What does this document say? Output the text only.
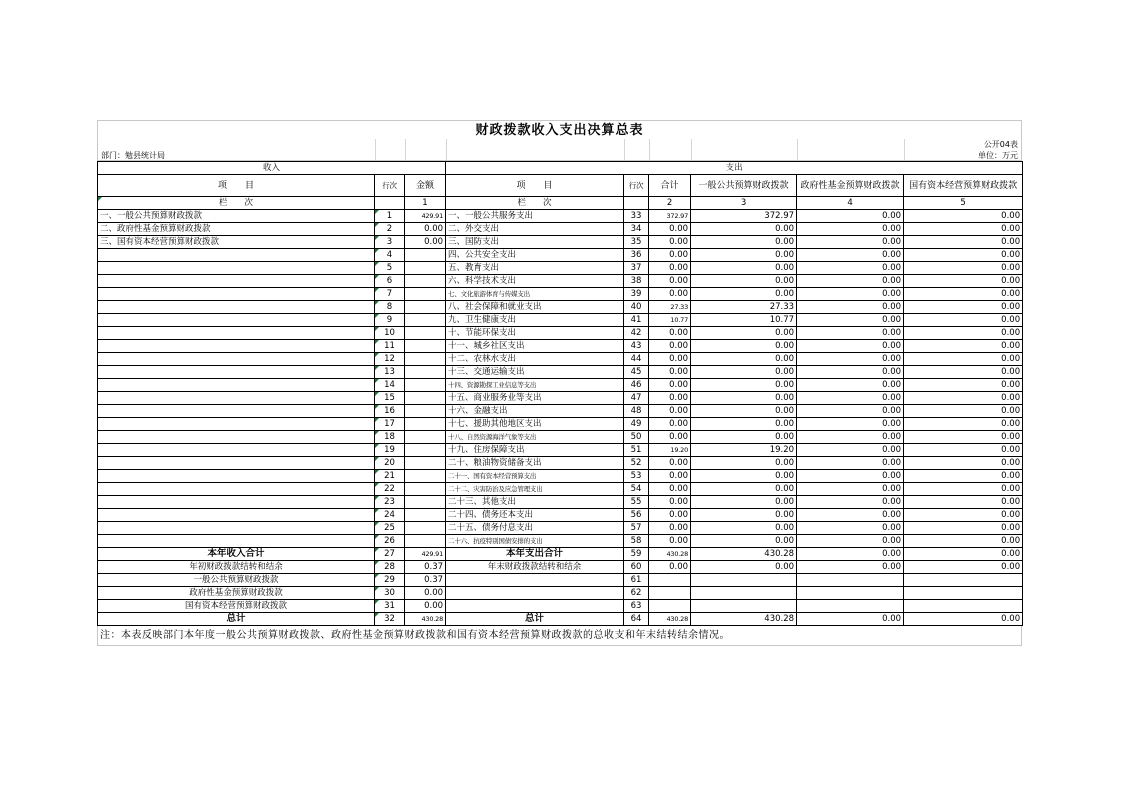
财政拨款收入支出决算总表
公开04表
部门：勉县统计局	单位：万元
收入			支出					
项　　目	行次	金额	项　　目	行次	合计	一般公共预算财政拨款	政府性基金预算财政拨款	国有资本经营预算财政拨款
栏　　次		1	栏　　次		2	3	4	5
一、一般公共预算财政拨款	1	429.91	一、一般公共服务支出	33	372.97	372.97	0.00	0.00
二、政府性基金预算财政拨款	2	0.00	二、外交支出	34	0.00	0.00	0.00	0.00
三、国有资本经营预算财政拨款	3	0.00	三、国防支出	35	0.00	0.00	0.00	0.00
	4		四、公共安全支出	36	0.00	0.00	0.00	0.00
	5		五、教育支出	37	0.00	0.00	0.00	0.00
	6		六、科学技术支出	38	0.00	0.00	0.00	0.00
	7		七、文化旅游体育与传媒支出	39	0.00	0.00	0.00	0.00
	8		八、社会保障和就业支出	40	27.33	27.33	0.00	0.00
	9		九、卫生健康支出	41	10.77	10.77	0.00	0.00
	10		十、节能环保支出	42	0.00	0.00	0.00	0.00
	11		十一、城乡社区支出	43	0.00	0.00	0.00	0.00
	12		十二、农林水支出	44	0.00	0.00	0.00	0.00
	13		十三、交通运输支出	45	0.00	0.00	0.00	0.00
	14		十四、资源勘探工业信息等支出	46	0.00	0.00	0.00	0.00
	15		十五、商业服务业等支出	47	0.00	0.00	0.00	0.00
	16		十六、金融支出	48	0.00	0.00	0.00	0.00
	17		十七、援助其他地区支出	49	0.00	0.00	0.00	0.00
	18		十八、自然资源海洋气象等支出	50	0.00	0.00	0.00	0.00
	19		十九、住房保障支出	51	19.20	19.20	0.00	0.00
	20		二十、粮油物资储备支出	52	0.00	0.00	0.00	0.00
	21		二十一、国有资本经营预算支出	53	0.00	0.00	0.00	0.00
	22		二十二、灾害防治及应急管理支出	54	0.00	0.00	0.00	0.00
	23		二十三、其他支出	55	0.00	0.00	0.00	0.00
	24		二十四、债务还本支出	56	0.00	0.00	0.00	0.00
	25		二十五、债务付息支出	57	0.00	0.00	0.00	0.00
	26		二十六、抗疫特别国债安排的支出	58	0.00	0.00	0.00	0.00
本年收入合计	27	429.91	本年支出合计	59	430.28	430.28	0.00	0.00
年初财政拨款结转和结余	28	0.37	年末财政拨款结转和结余	60	0.00	0.00	0.00	0.00
一般公共预算财政拨款	29	0.37		61				
政府性基金预算财政拨款	30	0.00		62				
国有资本经营预算财政拨款	31	0.00		63				
总计	32	430.28	总计	64	430.28	430.28	0.00	0.00
注：本表反映部门本年度一般公共预算财政拨款、政府性基金预算财政拨款和国有资本经营预算财政拨款的总收支和年末结转结余情况。
